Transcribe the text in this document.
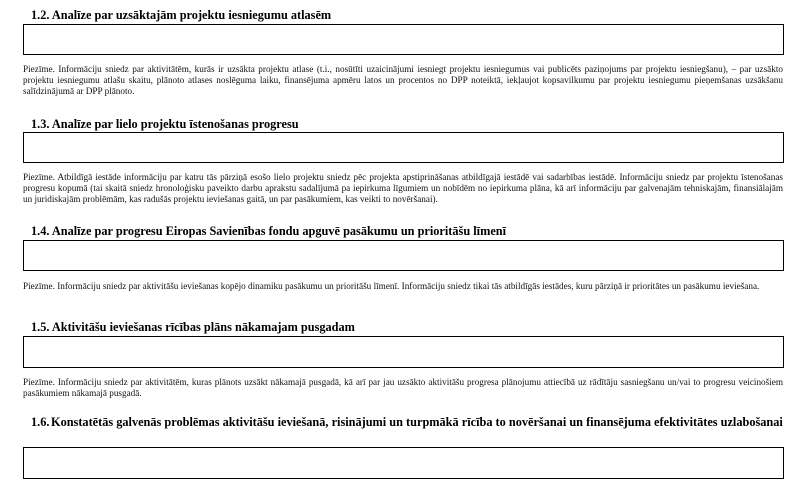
1.2. Analīze par uzsāktajām projektu iesniegumu atlasēm
Piezīme. Informāciju sniedz par aktivitātēm, kurās ir uzsākta projektu atlase (t.i., nosūtīti uzaicinājumi iesniegt projektu iesniegumus vai publicēts paziņojums par projektu iesniegšanu), – par uzsākto projektu iesniegumu atlašu skaitu, plānoto atlases noslēguma laiku, finansējuma apmēru latos un procentos no DPP noteiktā, iekļaujot kopsavilkumu par projektu iesniegumu pieņemšanas uzsākšanu salīdzinājumā ar DPP plānoto.
1.3. Analīze par lielo projektu īstenošanas progresu
Piezīme. Atbildīgā iestāde informāciju par katru tās pārziņā esošo lielo projektu sniedz pēc projekta apstiprināšanas atbildīgajā iestādē vai sadarbības iestādē. Informāciju sniedz par projektu īstenošanas progresu kopumā (tai skaitā sniedz hronoloģisku paveikto darbu aprakstu sadalījumā pa iepirkuma līgumiem un nobīdēm no iepirkuma plāna, kā arī informāciju par galvenajām tehniskajām, finansiālajām un juridiskajām problēmām, kas radušās projektu ieviešanas gaitā, un par pasākumiem, kas veikti to novēršanai).
1.4. Analīze par progresu Eiropas Savienības fondu apguvē pasākumu un prioritāšu līmenī
Piezīme. Informāciju sniedz par aktivitāšu ieviešanas kopējo dinamiku pasākumu un prioritāšu līmenī. Informāciju sniedz tikai tās atbildīgās iestādes, kuru pārziņā ir prioritātes un pasākumu ieviešana.
1.5. Aktivitāšu ieviešanas rīcības plāns nākamajam pusgadam
Piezīme. Informāciju sniedz par aktivitātēm, kuras plānots uzsākt nākamajā pusgadā, kā arī par jau uzsākto aktivitāšu progresa plānojumu attiecībā uz rādītāju sasniegšanu un/vai to progresu veicinošiem pasākumiem nākamajā pusgadā.
1.6. Konstatētās galvenās problēmas aktivitāšu ieviešanā, risinājumi un turpmākā rīcība to novēršanai un finansējuma efektivitātes uzlabošanai
